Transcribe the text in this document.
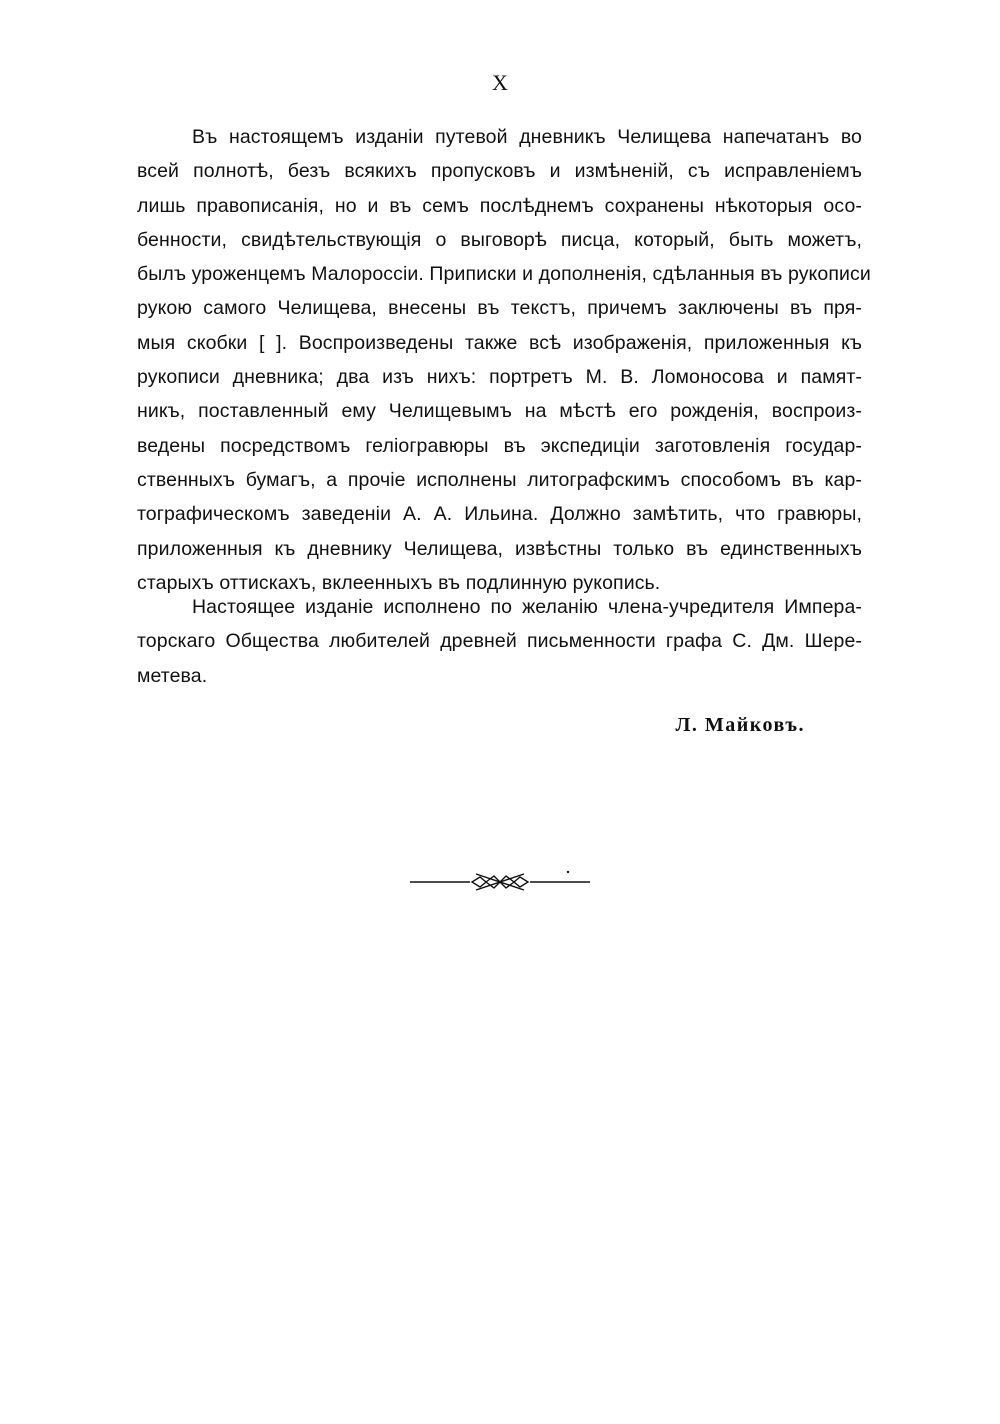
X
Въ настоящемъ изданіи путевой дневникъ Челищева напечатанъ во
всей полнотѣ, безъ всякихъ пропусковъ и измѣненій, съ исправленіемъ
лишь правописанія, но и въ семъ послѣднемъ сохранены нѣкоторыя осо-
бенности, свидѣтельствующія о выговорѣ писца, который, быть можетъ,
былъ уроженцемъ Малороссіи. Приписки и дополненія, сдѣланныя въ рукописи
рукою самого Челищева, внесены въ текстъ, причемъ заключены въ пря-
мыя скобки [ ]. Воспроизведены также всѣ изображенія, приложенныя къ
рукописи дневника; два изъ нихъ: портретъ М. В. Ломоносова и памят-
никъ, поставленный ему Челищевымъ на мѣстѣ его рожденія, воспроиз-
ведены посредствомъ геліогравюры въ экспедиціи заготовленія государ-
ственныхъ бумагъ, а прочіе исполнены литографскимъ способомъ въ кар-
тографическомъ заведеніи А. А. Ильина. Должно замѣтить, что гравюры,
приложенныя къ дневнику Челищева, извѣстны только въ единственныхъ
старыхъ оттискахъ, вклеенныхъ въ подлинную рукопись.
Настоящее изданіе исполнено по желанію члена-учредителя Импера-
торскаго Общества любителей древней письменности графа С. Дм. Шере-
метева.
Л. Майковъ.
